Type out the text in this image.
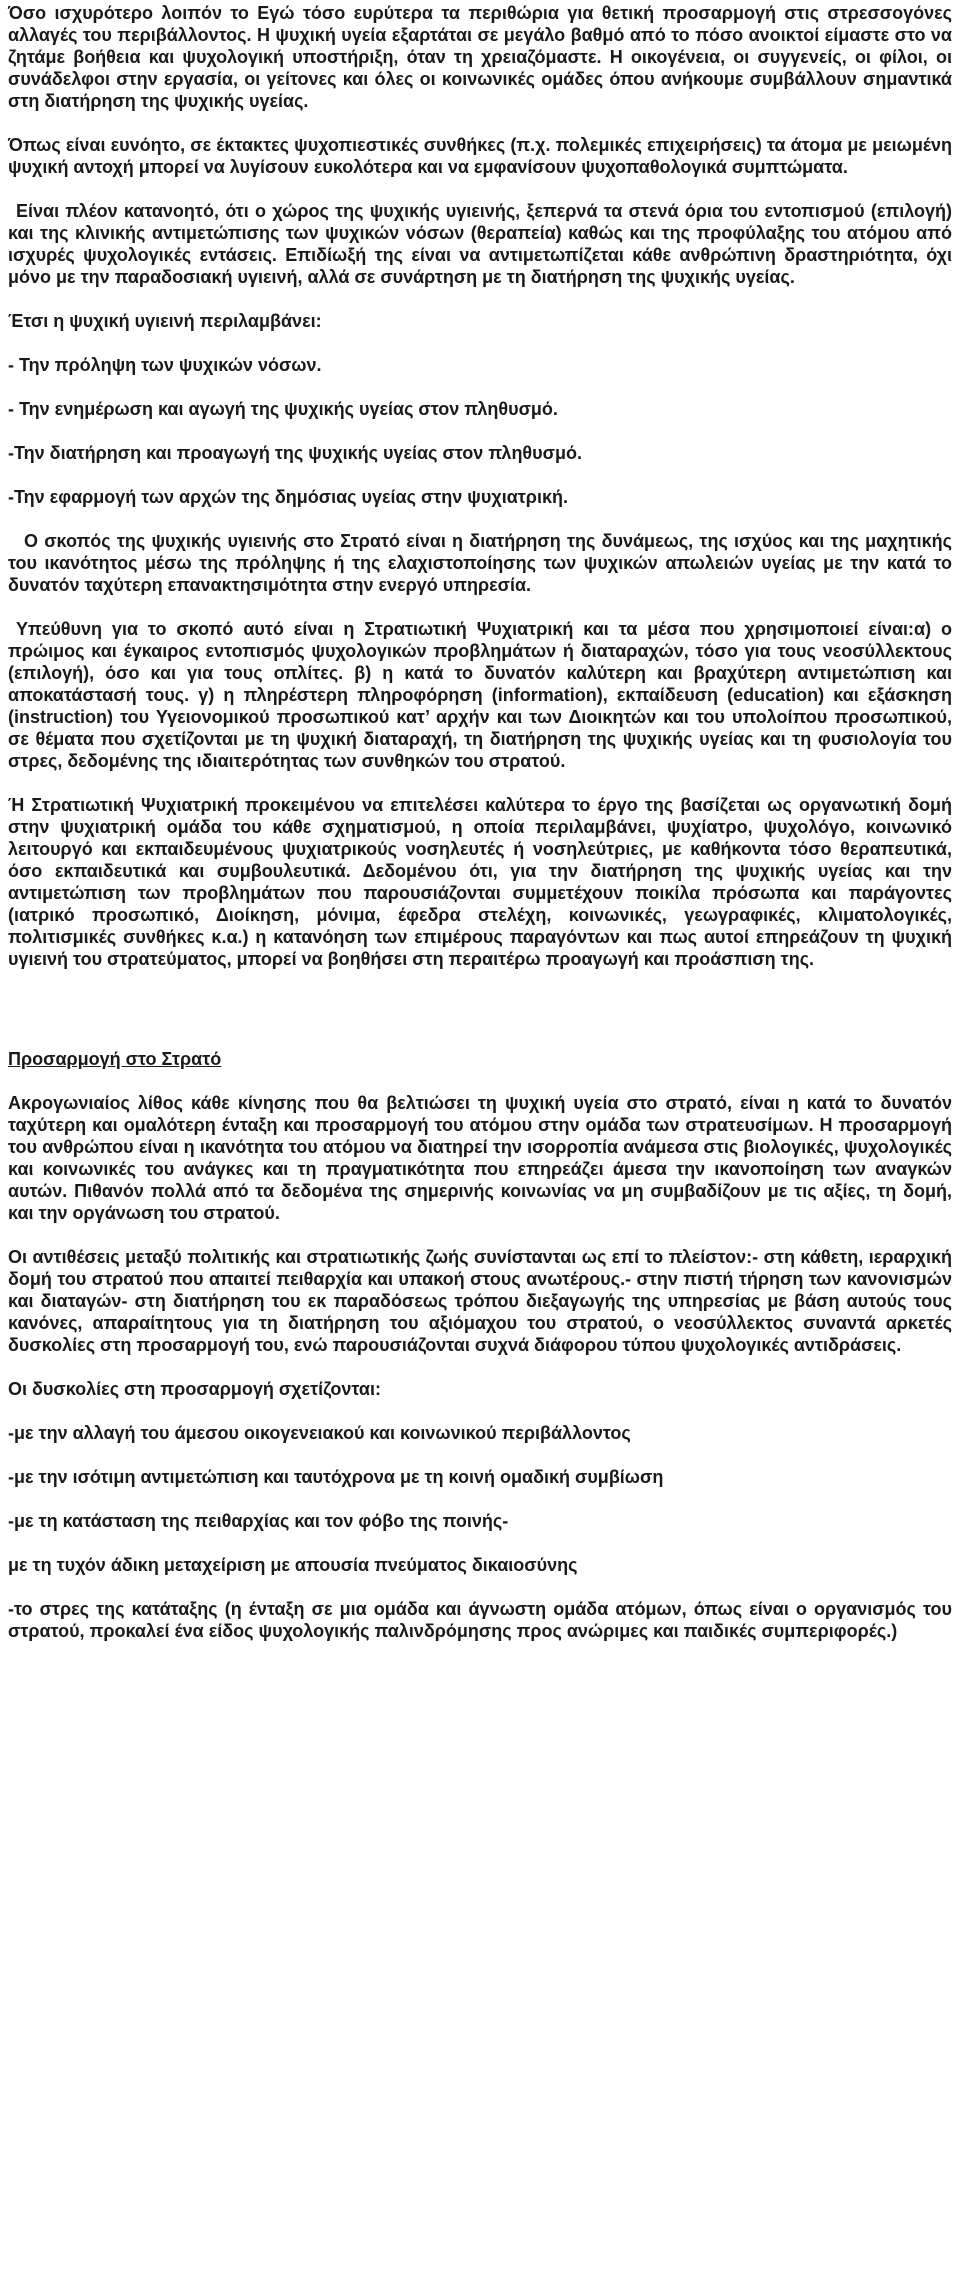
Όσο ισχυρότερο λοιπόν το Εγώ τόσο ευρύτερα τα περιθώρια για θετική προσαρμογή στις στρεσσογόνες αλλαγές του περιβάλλοντος. Η ψυχική υγεία εξαρτάται σε μεγάλο βαθμό από το πόσο ανοικτοί είμαστε στο να ζητάμε βοήθεια και ψυχολογική υποστήριξη, όταν τη χρειαζόμαστε. Η οικογένεια, οι συγγενείς, οι φίλοι, οι συνάδελφοι στην εργασία, οι γείτονες και όλες οι κοινωνικές ομάδες όπου ανήκουμε συμβάλλουν σημαντικά στη διατήρηση της ψυχικής υγείας.

Όπως είναι ευνόητο, σε έκτακτες ψυχοπιεστικές συνθήκες (π.χ. πολεμικές επιχειρήσεις) τα άτομα με μειωμένη ψυχική αντοχή μπορεί να λυγίσουν ευκολότερα και να εμφανίσουν ψυχοπαθολογικά συμπτώματα.

Είναι πλέον κατανοητό, ότι ο χώρος της ψυχικής υγιεινής, ξεπερνά τα στενά όρια του εντοπισμού (επιλογή) και της κλινικής αντιμετώπισης των ψυχικών νόσων (θεραπεία) καθώς και της προφύλαξης του ατόμου από ισχυρές ψυχολογικές εντάσεις. Επιδίωξή της είναι να αντιμετωπίζεται κάθε ανθρώπινη δραστηριότητα, όχι μόνο με την παραδοσιακή υγιεινή, αλλά σε συνάρτηση με τη διατήρηση της ψυχικής υγείας.

Έτσι η ψυχική υγιεινή περιλαμβάνει:

- Την πρόληψη των ψυχικών νόσων.

- Την ενημέρωση και αγωγή της ψυχικής υγείας στον πληθυσμό.

-Την διατήρηση και προαγωγή της ψυχικής υγείας στον πληθυσμό.

-Την εφαρμογή των αρχών της δημόσιας υγείας στην ψυχιατρική.

Ο σκοπός της ψυχικής υγιεινής στο Στρατό είναι η διατήρηση της δυνάμεως, της ισχύος και της μαχητικής του ικανότητος μέσω της πρόληψης ή της ελαχιστοποίησης των ψυχικών απωλειών υγείας με την κατά το δυνατόν ταχύτερη επανακτησιμότητα στην ενεργό υπηρεσία.

Υπεύθυνη για το σκοπό αυτό είναι η Στρατιωτική Ψυχιατρική και τα μέσα που χρησιμοποιεί είναι:α) ο πρώιμος και έγκαιρος εντοπισμός ψυχολογικών προβλημάτων ή διαταραχών, τόσο για τους νεοσύλλεκτους (επιλογή), όσο και για τους οπλίτες. β) η κατά το δυνατόν καλύτερη και βραχύτερη αντιμετώπιση και αποκατάστασή τους. γ) η πληρέστερη πληροφόρηση (information), εκπαίδευση (education) και εξάσκηση (instruction) του Υγειονομικού προσωπικού κατ’ αρχήν και των Διοικητών και του υπολοίπου προσωπικού, σε θέματα που σχετίζονται με τη ψυχική διαταραχή, τη διατήρηση της ψυχικής υγείας και τη φυσιολογία του στρες, δεδομένης της ιδιαιτερότητας των συνθηκών του στρατού.

Ή Στρατιωτική Ψυχιατρική προκειμένου να επιτελέσει καλύτερα το έργο της βασίζεται ως οργανωτική δομή στην ψυχιατρική ομάδα του κάθε σχηματισμού, η οποία περιλαμβάνει, ψυχίατρο, ψυχολόγο, κοινωνικό λειτουργό και εκπαιδευμένους ψυχιατρικούς νοσηλευτές ή νοσηλεύτριες, με καθήκοντα τόσο θεραπευτικά, όσο εκπαιδευτικά και συμβουλευτικά. Δεδομένου ότι, για την διατήρηση της ψυχικής υγείας και την αντιμετώπιση των προβλημάτων που παρουσιάζονται συμμετέχουν ποικίλα πρόσωπα και παράγοντες (ιατρικό προσωπικό, Διοίκηση, μόνιμα, έφεδρα στελέχη, κοινωνικές, γεωγραφικές, κλιματολογικές, πολιτισμικές συνθήκες κ.α.) η κατανόηση των επιμέρους παραγόντων και πως αυτοί επηρεάζουν τη ψυχική υγιεινή του στρατεύματος, μπορεί να βοηθήσει στη περαιτέρω προαγωγή και προάσπιση της.

Προσαρμογή στο Στρατό

Ακρογωνιαίος λίθος κάθε κίνησης που θα βελτιώσει τη ψυχική υγεία στο στρατό, είναι η κατά το δυνατόν ταχύτερη και ομαλότερη ένταξη και προσαρμογή του ατόμου στην ομάδα των στρατευσίμων. Η προσαρμογή του ανθρώπου είναι η ικανότητα του ατόμου να διατηρεί την ισορροπία ανάμεσα στις βιολογικές, ψυχολογικές και κοινωνικές του ανάγκες και τη πραγματικότητα που επηρεάζει άμεσα την ικανοποίηση των αναγκών αυτών. Πιθανόν πολλά από τα δεδομένα της σημερινής κοινωνίας να μη συμβαδίζουν με τις αξίες, τη δομή, και την οργάνωση του στρατού.

Οι αντιθέσεις μεταξύ πολιτικής και στρατιωτικής ζωής συνίστανται ως επί το πλείστον:- στη κάθετη, ιεραρχική δομή του στρατού που απαιτεί πειθαρχία και υπακοή στους ανωτέρους.- στην πιστή τήρηση των κανονισμών και διαταγών- στη διατήρηση του εκ παραδόσεως τρόπου διεξαγωγής της υπηρεσίας με βάση αυτούς τους κανόνες, απαραίτητους για τη διατήρηση του αξιόμαχου του στρατού, ο νεοσύλλεκτος συναντά αρκετές δυσκολίες στη προσαρμογή του, ενώ παρουσιάζονται συχνά διάφορου τύπου ψυχολογικές αντιδράσεις.

Οι δυσκολίες στη προσαρμογή σχετίζονται:

-με την αλλαγή του άμεσου οικογενειακού και κοινωνικού περιβάλλοντος

-με την ισότιμη αντιμετώπιση και ταυτόχρονα με τη κοινή ομαδική συμβίωση

-με τη κατάσταση της πειθαρχίας και τον φόβο της ποινής-

με τη τυχόν άδικη μεταχείριση με απουσία πνεύματος δικαιοσύνης

-το στρες της κατάταξης (η ένταξη σε μια ομάδα και άγνωστη ομάδα ατόμων, όπως είναι ο οργανισμός του στρατού, προκαλεί ένα είδος ψυχολογικής παλινδρόμησης προς ανώριμες και παιδικές συμπεριφορές.)
